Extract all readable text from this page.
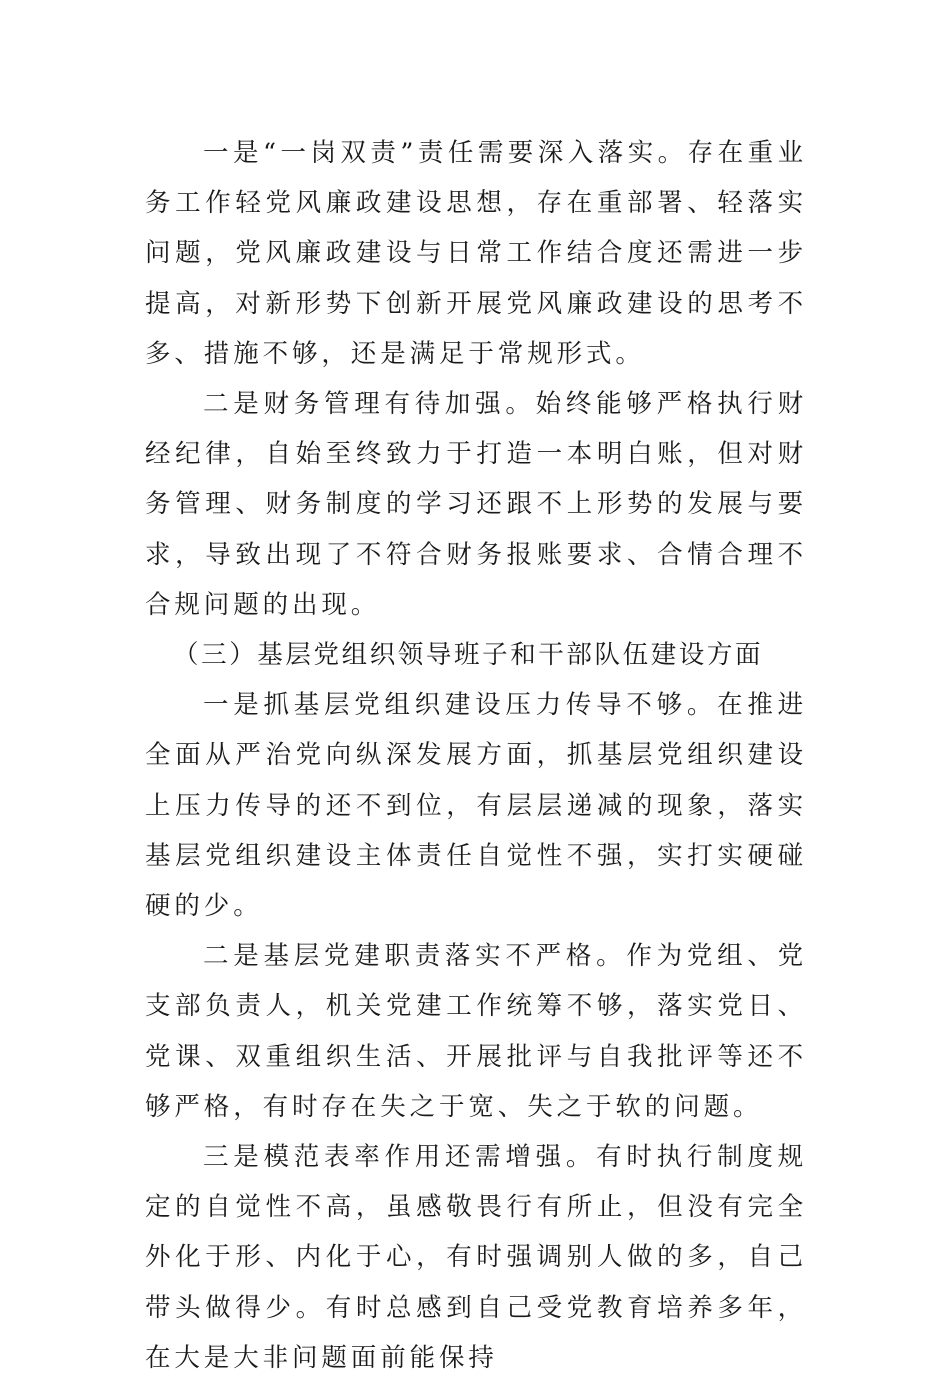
一是“一岗双责”责任需要深入落实。存在重业务工作轻党风廉政建设思想，存在重部署、轻落实问题，党风廉政建设与日常工作结合度还需进一步提高，对新形势下创新开展党风廉政建设的思考不多、措施不够，还是满足于常规形式。

二是财务管理有待加强。始终能够严格执行财经纪律，自始至终致力于打造一本明白账，但对财务管理、财务制度的学习还跟不上形势的发展与要求，导致出现了不符合财务报账要求、合情合理不合规问题的出现。

（三）基层党组织领导班子和干部队伍建设方面

一是抓基层党组织建设压力传导不够。在推进全面从严治党向纵深发展方面，抓基层党组织建设上压力传导的还不到位，有层层递减的现象，落实基层党组织建设主体责任自觉性不强，实打实硬碰硬的少。

二是基层党建职责落实不严格。作为党组、党支部负责人，机关党建工作统筹不够，落实党日、党课、双重组织生活、开展批评与自我批评等还不够严格，有时存在失之于宽、失之于软的问题。

三是模范表率作用还需增强。有时执行制度规定的自觉性不高，虽感敬畏行有所止，但没有完全外化于形、内化于心，有时强调别人做的多，自己带头做得少。有时总感到自己受党教育培养多年，在大是大非问题面前能保持
